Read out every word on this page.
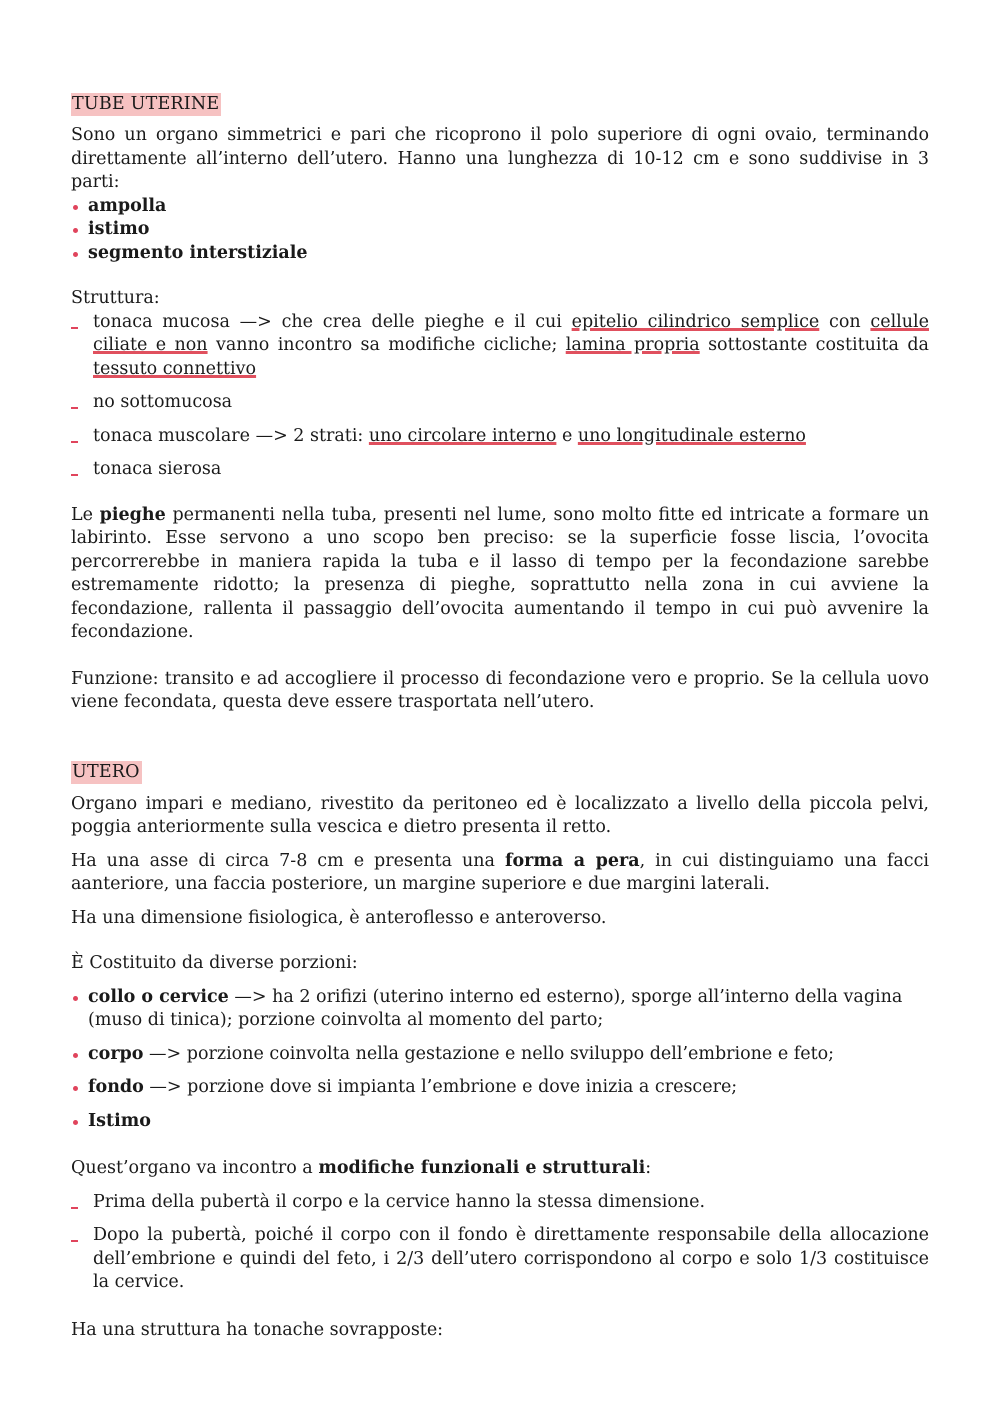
TUBE UTERINE

Sono un organo simmetrici e pari che ricoprono il polo superiore di ogni ovaio, terminando direttamente all’interno dell’utero. Hanno una lunghezza di 10-12 cm e sono suddivise in 3 parti:

ampolla
istimo
segmento interstiziale

Struttura:

tonaca mucosa —> che crea delle pieghe e il cui epitelio cilindrico semplice con cellule ciliate e non vanno incontro sa modifiche cicliche; lamina propria sottostante costituita da tessuto connettivo
no sottomucosa
tonaca muscolare —> 2 strati: uno circolare interno e uno longitudinale esterno
tonaca sierosa

Le pieghe permanenti nella tuba, presenti nel lume, sono molto fitte ed intricate a formare un labirinto. Esse servono a uno scopo ben preciso: se la superficie fosse liscia, l’ovocita percorrerebbe in maniera rapida la tuba e il lasso di tempo per la fecondazione sarebbe estremamente ridotto; la presenza di pieghe, soprattutto nella zona in cui avviene la fecondazione, rallenta il passaggio dell’ovocita aumentando il tempo in cui può avvenire la fecondazione.

Funzione: transito e ad accogliere il processo di fecondazione vero e proprio. Se la cellula uovo viene fecondata, questa deve essere trasportata nell’utero.

UTERO

Organo impari e mediano, rivestito da peritoneo ed è localizzato a livello della piccola pelvi, poggia anteriormente sulla vescica e dietro presenta il retto.

Ha una asse di circa 7-8 cm e presenta una forma a pera, in cui distinguiamo una facci aanteriore, una faccia posteriore, un margine superiore e due margini laterali.

Ha una dimensione fisiologica, è anteroflesso e anteroverso.

È Costituito da diverse porzioni:

collo o cervice —> ha 2 orifizi (uterino interno ed esterno), sporge all’interno della vagina (muso di tinica); porzione coinvolta al momento del parto;
corpo —> porzione coinvolta nella gestazione e nello sviluppo dell’embrione e feto;
fondo —> porzione dove si impianta l’embrione e dove inizia a crescere;
Istimo

Quest’organo va incontro a modifiche funzionali e strutturali:

Prima della pubertà il corpo e la cervice hanno la stessa dimensione.
Dopo la pubertà, poiché il corpo con il fondo è direttamente responsabile della allocazione dell’embrione e quindi del feto, i 2/3 dell’utero corrispondono al corpo e solo 1/3 costituisce la cervice.

Ha una struttura ha tonache sovrapposte:
